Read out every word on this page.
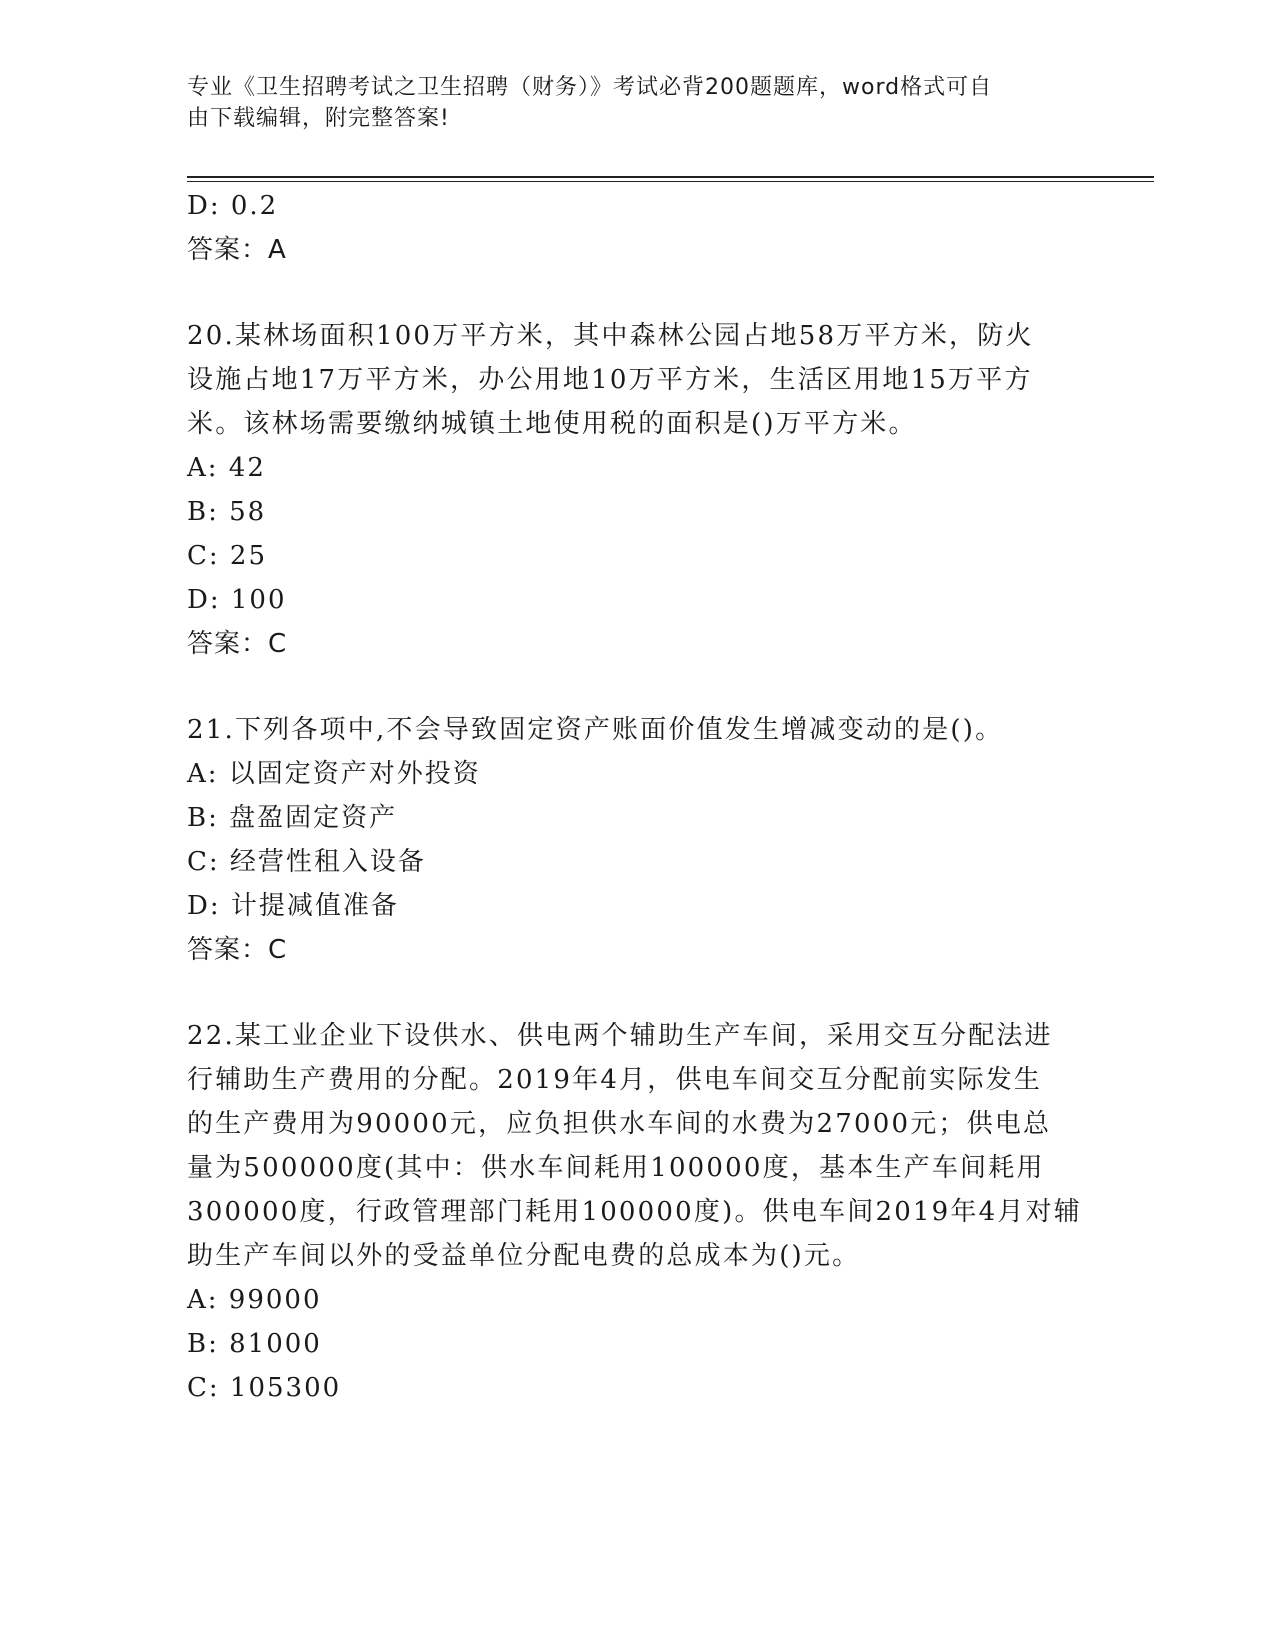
专业《卫生招聘考试之卫生招聘（财务）》考试必背200题题库，word格式可自
由下载编辑，附完整答案!
D: 0.2
答案：A
20.某林场面积100万平方米，其中森林公园占地58万平方米，防火
设施占地17万平方米，办公用地10万平方米，生活区用地15万平方
米。该林场需要缴纳城镇土地使用税的面积是()万平方米。
A: 42
B: 58
C: 25
D: 100
答案：C
21.下列各项中,不会导致固定资产账面价值发生增减变动的是()。
A: 以固定资产对外投资
B: 盘盈固定资产
C: 经营性租入设备
D: 计提减值准备
答案：C
22.某工业企业下设供水、供电两个辅助生产车间，采用交互分配法进
行辅助生产费用的分配。2019年4月，供电车间交互分配前实际发生
的生产费用为90000元，应负担供水车间的水费为27000元；供电总
量为500000度(其中：供水车间耗用100000度，基本生产车间耗用
300000度，行政管理部门耗用100000度)。供电车间2019年4月对辅
助生产车间以外的受益单位分配电费的总成本为()元。
A: 99000
B: 81000
C: 105300
